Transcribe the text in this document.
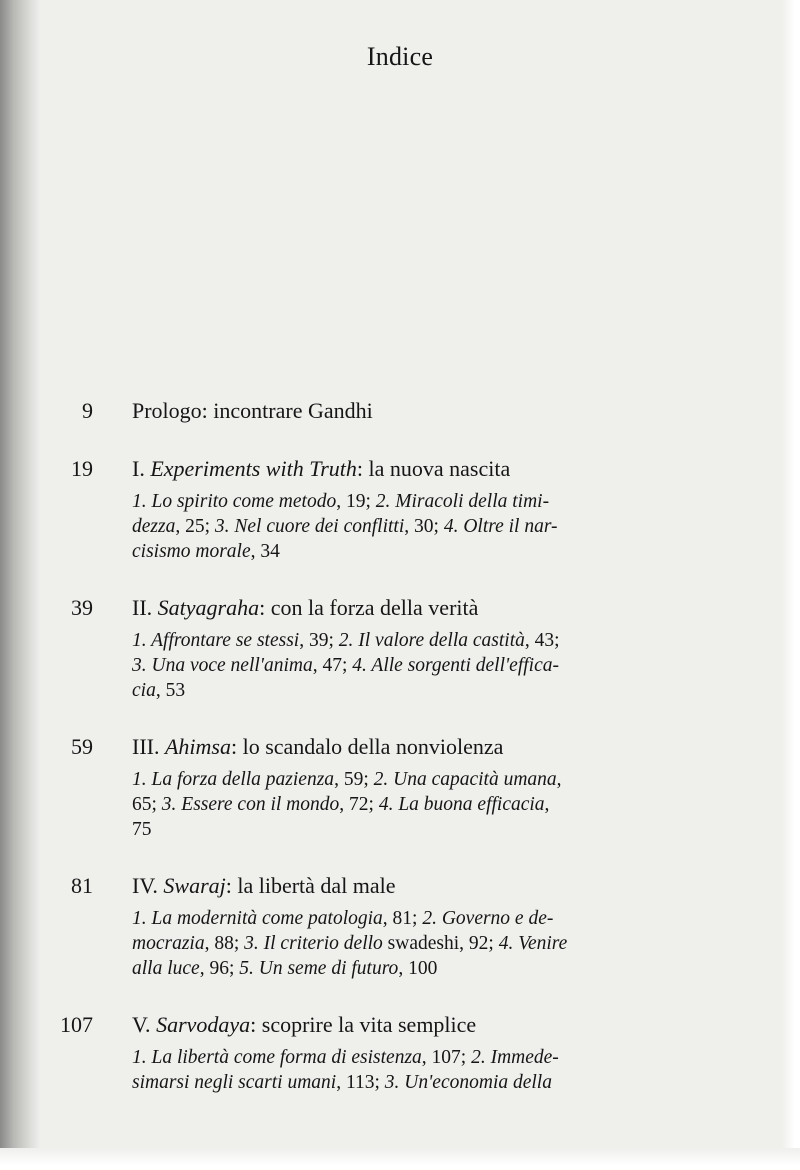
Indice
9 Prologo: incontrare Gandhi
19 I. Experiments with Truth: la nuova nascita
1. Lo spirito come metodo, 19; 2. Miracoli della timi-
dezza, 25; 3. Nel cuore dei conflitti, 30; 4. Oltre il nar-
cisismo morale, 34
39 II. Satyagraha: con la forza della verità
1. Affrontare se stessi, 39; 2. Il valore della castità, 43;
3. Una voce nell'anima, 47; 4. Alle sorgenti dell'effica-
cia, 53
59 III. Ahimsa: lo scandalo della nonviolenza
1. La forza della pazienza, 59; 2. Una capacità umana,
65; 3. Essere con il mondo, 72; 4. La buona efficacia,
75
81 IV. Swaraj: la libertà dal male
1. La modernità come patologia, 81; 2. Governo e de-
mocrazia, 88; 3. Il criterio dello swadeshi, 92; 4. Venire
alla luce, 96; 5. Un seme di futuro, 100
107 V. Sarvodaya: scoprire la vita semplice
1. La libertà come forma di esistenza, 107; 2. Immede-
simarsi negli scarti umani, 113; 3. Un'economia della
